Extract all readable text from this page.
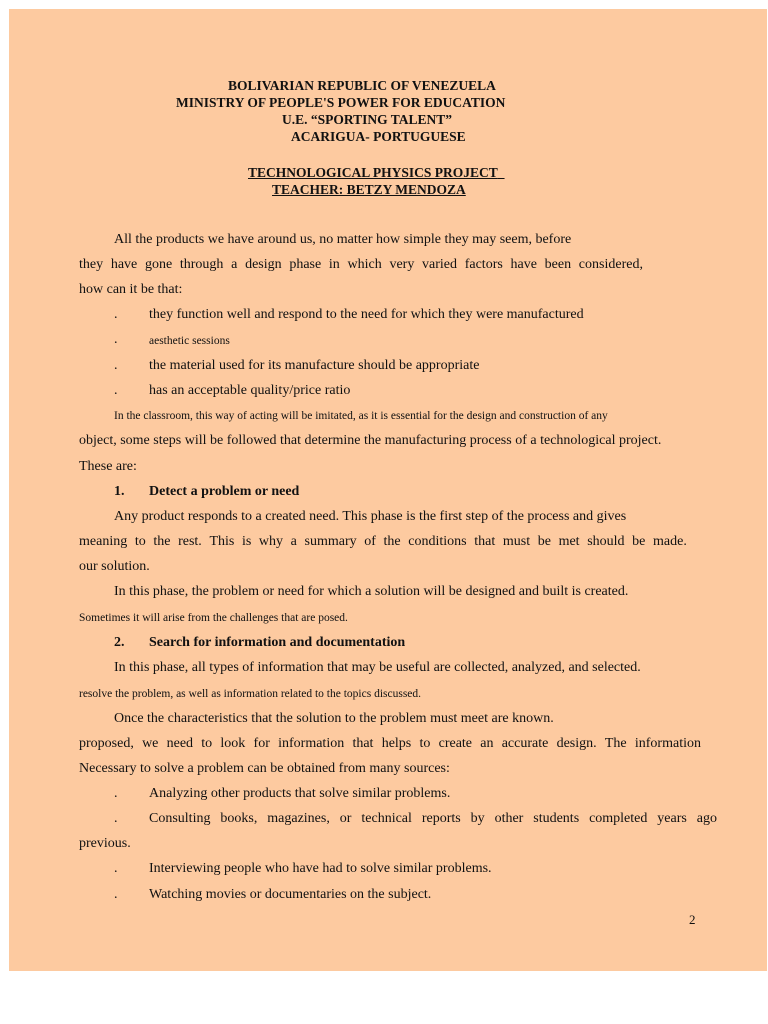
BOLIVARIAN REPUBLIC OF VENEZUELA
MINISTRY OF PEOPLE'S POWER FOR EDUCATION
U.E. “SPORTING TALENT”
ACARIGUA- PORTUGUESE
TECHNOLOGICAL PHYSICS PROJECT
TEACHER: BETZY MENDOZA
All the products we have around us, no matter how simple they may seem, before
they have gone through a design phase in which very varied factors have been considered,
how can it be that:
. they function well and respond to the need for which they were manufactured
.	aesthetic sessions
. the material used for its manufacture should be appropriate
. has an acceptable quality/price ratio
In the classroom, this way of acting will be imitated, as it is essential for the design and construction of any
object, some steps will be followed that determine the manufacturing process of a technological project.
These are:
1. Detect a problem or need
Any product responds to a created need. This phase is the first step of the process and gives
meaning to the rest. This is why a summary of the conditions that must be met should be made.
our solution.
In this phase, the problem or need for which a solution will be designed and built is created.
Sometimes it will arise from the challenges that are posed.
2. Search for information and documentation
In this phase, all types of information that may be useful are collected, analyzed, and selected.
resolve the problem, as well as information related to the topics discussed.
Once the characteristics that the solution to the problem must meet are known.
proposed, we need to look for information that helps to create an accurate design. The information
Necessary to solve a problem can be obtained from many sources:
. Analyzing other products that solve similar problems.
. Consulting books, magazines, or technical reports by other students completed years ago
previous.
. Interviewing people who have had to solve similar problems.
. Watching movies or documentaries on the subject.
2
